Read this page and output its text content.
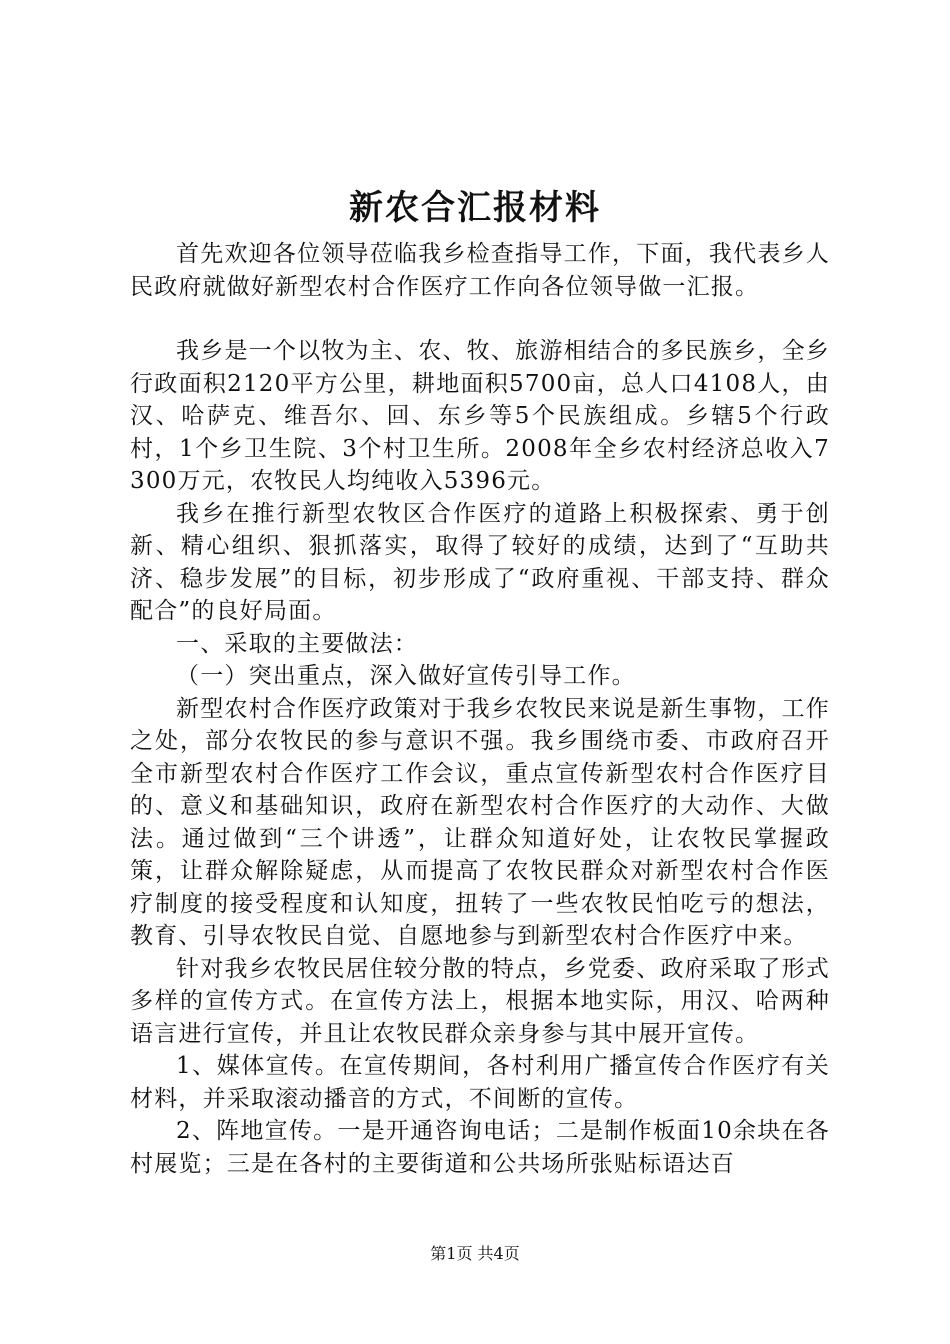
新农合汇报材料

首先欢迎各位领导莅临我乡检查指导工作，下面，我代表乡人民政府就做好新型农村合作医疗工作向各位领导做一汇报。

我乡是一个以牧为主、农、牧、旅游相结合的多民族乡，全乡行政面积2120平方公里，耕地面积5700亩，总人口4108人，由汉、哈萨克、维吾尔、回、东乡等5个民族组成。乡辖5个行政村，1个乡卫生院、3个村卫生所。2008年全乡农村经济总收入7300万元，农牧民人均纯收入5396元。

我乡在推行新型农牧区合作医疗的道路上积极探索、勇于创新、精心组织、狠抓落实，取得了较好的成绩，达到了“互助共济、稳步发展”的目标，初步形成了“政府重视、干部支持、群众配合”的良好局面。

一、采取的主要做法：

（一）突出重点，深入做好宣传引导工作。

新型农村合作医疗政策对于我乡农牧民来说是新生事物，工作之处，部分农牧民的参与意识不强。我乡围绕市委、市政府召开全市新型农村合作医疗工作会议，重点宣传新型农村合作医疗目的、意义和基础知识，政府在新型农村合作医疗的大动作、大做法。通过做到“三个讲透”，让群众知道好处，让农牧民掌握政策，让群众解除疑虑，从而提高了农牧民群众对新型农村合作医疗制度的接受程度和认知度，扭转了一些农牧民怕吃亏的想法，教育、引导农牧民自觉、自愿地参与到新型农村合作医疗中来。

针对我乡农牧民居住较分散的特点，乡党委、政府采取了形式多样的宣传方式。在宣传方法上，根据本地实际，用汉、哈两种语言进行宣传，并且让农牧民群众亲身参与其中展开宣传。

1、媒体宣传。在宣传期间，各村利用广播宣传合作医疗有关材料，并采取滚动播音的方式，不间断的宣传。

2、阵地宣传。一是开通咨询电话；二是制作板面10余块在各村展览；三是在各村的主要街道和公共场所张贴标语达百

第1页 共4页
